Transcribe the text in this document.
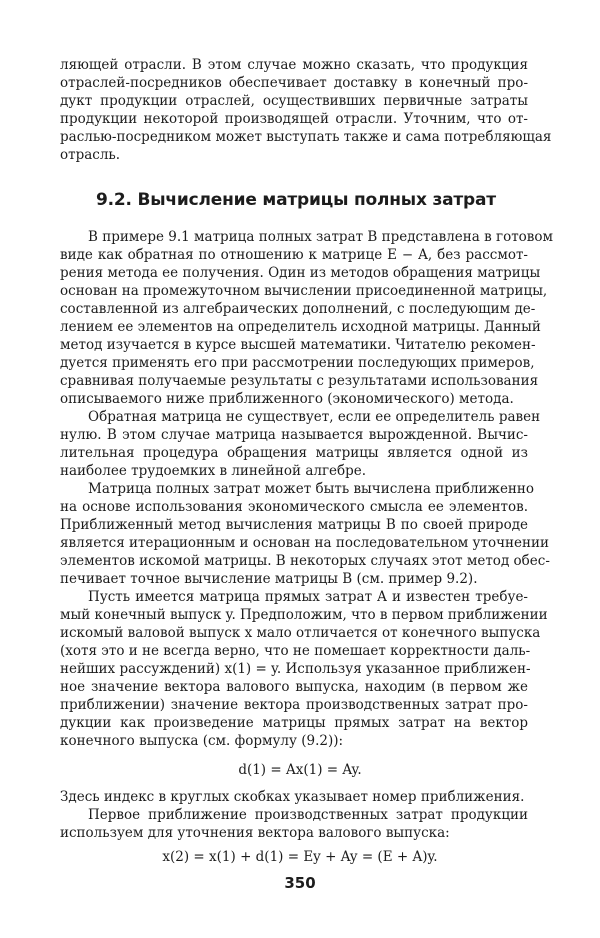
ляющей отрасли. В этом случае можно сказать, что продукция
отраслей-посредников обеспечивает доставку в конечный про-
дукт продукции отраслей, осуществивших первичные затраты
продукции некоторой производящей отрасли. Уточним, что от-
раслью-посредником может выступать также и сама потребляющая
отрасль.
9.2. Вычисление матрицы полных затрат
В примере 9.1 матрица полных затрат B представлена в готовом
виде как обратная по отношению к матрице E − A, без рассмот-
рения метода ее получения. Один из методов обращения матрицы
основан на промежуточном вычислении присоединенной матрицы,
составленной из алгебраических дополнений, с последующим де-
лением ее элементов на определитель исходной матрицы. Данный
метод изучается в курсе высшей математики. Читателю рекомен-
дуется применять его при рассмотрении последующих примеров,
сравнивая получаемые результаты с результатами использования
описываемого ниже приближенного (экономического) метода.
Обратная матрица не существует, если ее определитель равен
нулю. В этом случае матрица называется вырожденной. Вычис-
лительная процедура обращения матрицы является одной из
наиболее трудоемких в линейной алгебре.
Матрица полных затрат может быть вычислена приближенно
на основе использования экономического смысла ее элементов.
Приближенный метод вычисления матрицы B по своей природе
является итерационным и основан на последовательном уточнении
элементов искомой матрицы. В некоторых случаях этот метод обес-
печивает точное вычисление матрицы B (см. пример 9.2).
Пусть имеется матрица прямых затрат A и известен требуе-
мый конечный выпуск y. Предположим, что в первом приближении
искомый валовой выпуск x мало отличается от конечного выпуска
(хотя это и не всегда верно, что не помешает корректности даль-
нейших рассуждений) x(1) = y. Используя указанное приближен-
ное значение вектора валового выпуска, находим (в первом же
приближении) значение вектора производственных затрат про-
дукции как произведение матрицы прямых затрат на вектор
конечного выпуска (см. формулу (9.2)):
d(1) = Ax(1) = Ay.
Здесь индекс в круглых скобках указывает номер приближения.
Первое приближение производственных затрат продукции
используем для уточнения вектора валового выпуска:
x(2) = x(1) + d(1) = Ey + Ay = (E + A)y.
350
